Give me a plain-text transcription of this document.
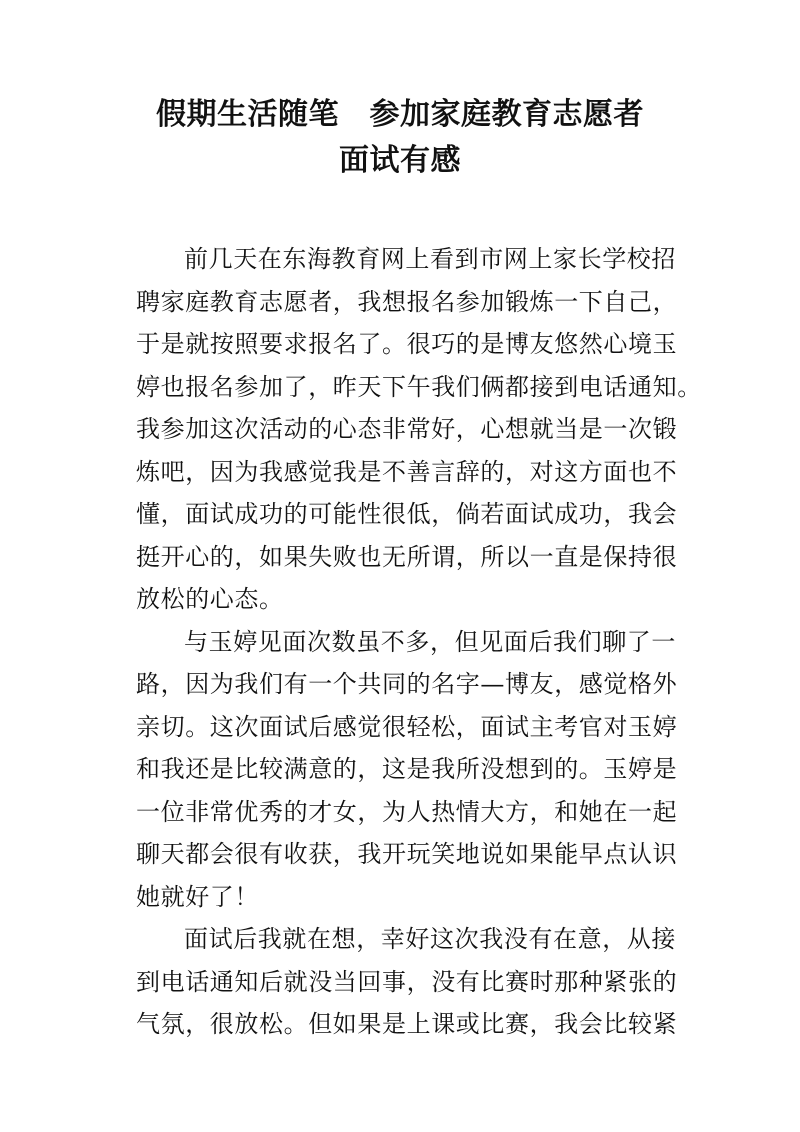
假期生活随笔　参加家庭教育志愿者
面试有感
前几天在东海教育网上看到市网上家长学校招
聘家庭教育志愿者，我想报名参加锻炼一下自己，
于是就按照要求报名了。很巧的是博友悠然心境玉
婷也报名参加了，昨天下午我们俩都接到电话通知。
我参加这次活动的心态非常好，心想就当是一次锻
炼吧，因为我感觉我是不善言辞的，对这方面也不
懂，面试成功的可能性很低，倘若面试成功，我会
挺开心的，如果失败也无所谓，所以一直是保持很
放松的心态。
与玉婷见面次数虽不多，但见面后我们聊了一
路，因为我们有一个共同的名字—博友，感觉格外
亲切。这次面试后感觉很轻松，面试主考官对玉婷
和我还是比较满意的，这是我所没想到的。玉婷是
一位非常优秀的才女，为人热情大方，和她在一起
聊天都会很有收获，我开玩笑地说如果能早点认识
她就好了！
面试后我就在想，幸好这次我没有在意，从接
到电话通知后就没当回事，没有比赛时那种紧张的
气氛，很放松。但如果是上课或比赛，我会比较紧
